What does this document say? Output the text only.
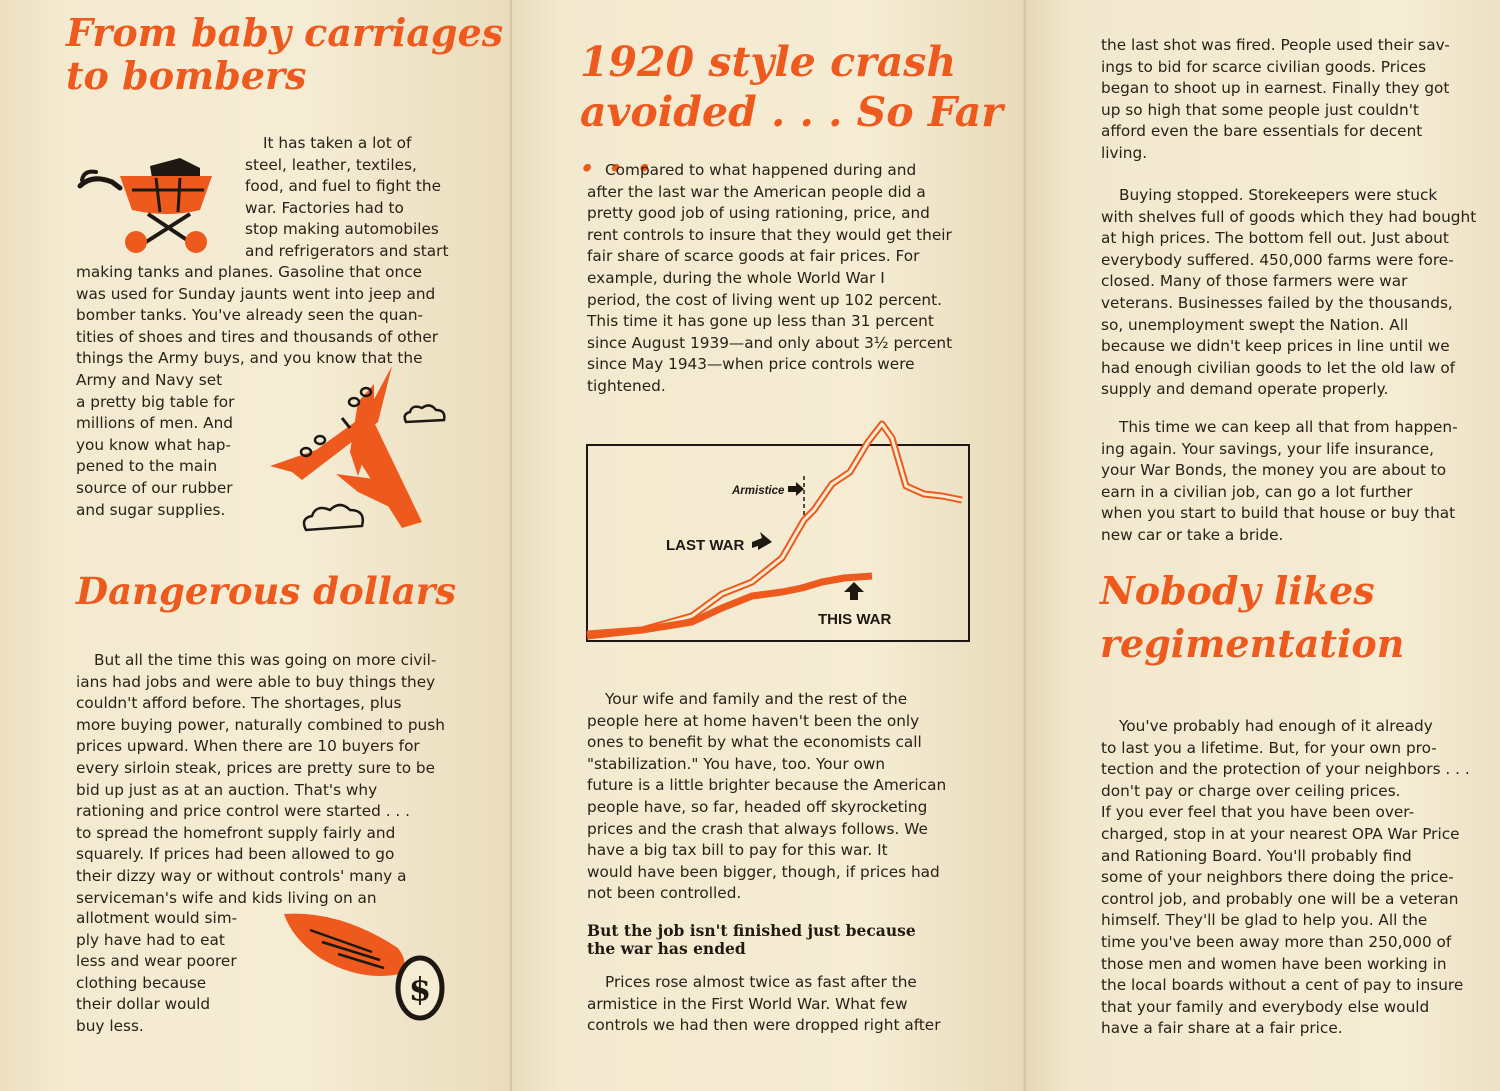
From baby carriages
to bombers
It has taken a lot of
steel, leather, textiles,
food, and fuel to fight the
war. Factories had to
stop making automobiles
and refrigerators and start
making tanks and planes. Gasoline that once
was used for Sunday jaunts went into jeep and
bomber tanks. You've already seen the quan-
tities of shoes and tires and thousands of other
things the Army buys, and you know that the
Army and Navy set
a pretty big table for
millions of men. And
you know what hap-
pened to the main
source of our rubber
and sugar supplies.
Dangerous dollars
But all the time this was going on more civil-
ians had jobs and were able to buy things they
couldn't afford before. The shortages, plus
more buying power, naturally combined to push
prices upward. When there are 10 buyers for
every sirloin steak, prices are pretty sure to be
bid up just as at an auction. That's why
rationing and price control were started . . .
to spread the homefront supply fairly and
squarely. If prices had been allowed to go
their dizzy way or without controls' many a
serviceman's wife and kids living on an
allotment would sim-
ply have had to eat
less and wear poorer
clothing because
their dollar would
buy less.
$
1920 style crash
avoided . . . So Far . . .
Compared to what happened during and
after the last war the American people did a
pretty good job of using rationing, price, and
rent controls to insure that they would get their
fair share of scarce goods at fair prices. For
example, during the whole World War I
period, the cost of living went up 102 percent.
This time it has gone up less than 31 percent
since August 1939—and only about 3½ percent
since May 1943—when price controls were
tightened.
Armistice
LAST WAR
THIS WAR
Your wife and family and the rest of the
people here at home haven't been the only
ones to benefit by what the economists call
"stabilization." You have, too. Your own
future is a little brighter because the American
people have, so far, headed off skyrocketing
prices and the crash that always follows. We
have a big tax bill to pay for this war. It
would have been bigger, though, if prices had
not been controlled.
But the job isn't finished just because
the war has ended
Prices rose almost twice as fast after the
armistice in the First World War. What few
controls we had then were dropped right after
the last shot was fired. People used their sav-
ings to bid for scarce civilian goods. Prices
began to shoot up in earnest. Finally they got
up so high that some people just couldn't
afford even the bare essentials for decent
living.
Buying stopped. Storekeepers were stuck
with shelves full of goods which they had bought
at high prices. The bottom fell out. Just about
everybody suffered. 450,000 farms were fore-
closed. Many of those farmers were war
veterans. Businesses failed by the thousands,
so, unemployment swept the Nation. All
because we didn't keep prices in line until we
had enough civilian goods to let the old law of
supply and demand operate properly.
This time we can keep all that from happen-
ing again. Your savings, your life insurance,
your War Bonds, the money you are about to
earn in a civilian job, can go a lot further
when you start to build that house or buy that
new car or take a bride.
Nobody likes
regimentation
You've probably had enough of it already
to last you a lifetime. But, for your own pro-
tection and the protection of your neighbors . . .
don't pay or charge over ceiling prices.
If you ever feel that you have been over-
charged, stop in at your nearest OPA War Price
and Rationing Board. You'll probably find
some of your neighbors there doing the price-
control job, and probably one will be a veteran
himself. They'll be glad to help you. All the
time you've been away more than 250,000 of
those men and women have been working in
the local boards without a cent of pay to insure
that your family and everybody else would
have a fair share at a fair price.
